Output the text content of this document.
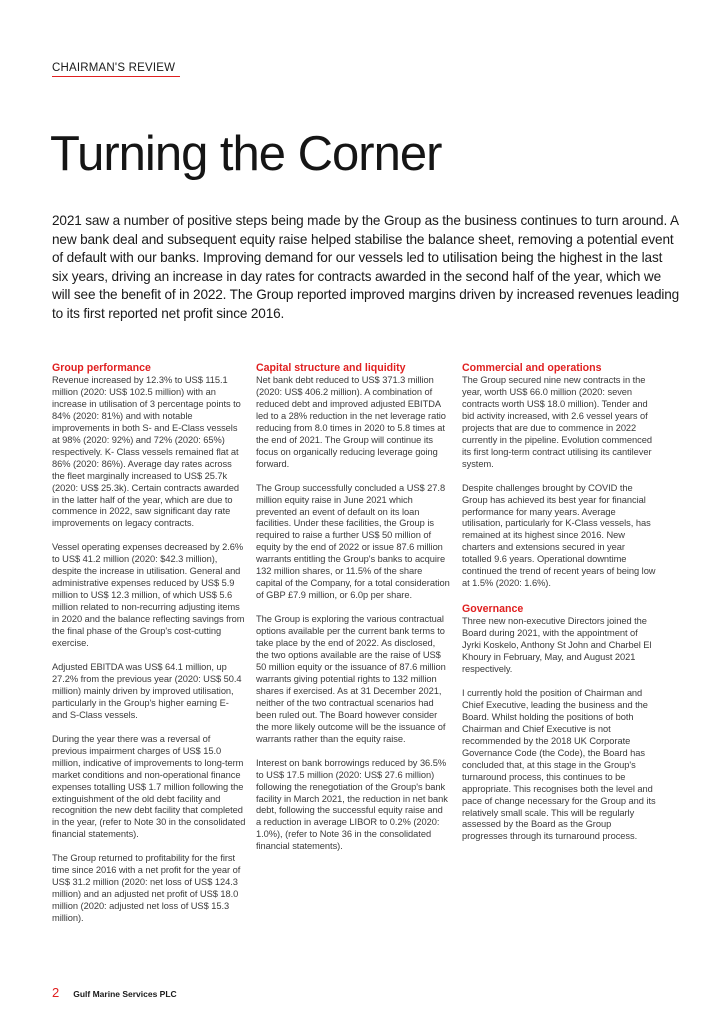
CHAIRMAN'S REVIEW
Turning the Corner

2021 saw a number of positive steps being made by the Group as the business continues to turn around. A new bank deal and subsequent equity raise helped stabilise the balance sheet, removing a potential event of default with our banks. Improving demand for our vessels led to utilisation being the highest in the last six years, driving an increase in day rates for contracts awarded in the second half of the year, which we will see the benefit of in 2022. The Group reported improved margins driven by increased revenues leading to its first reported net profit since 2016.

Group performance

Revenue increased by 12.3% to US$ 115.1 million (2020: US$ 102.5 million) with an increase in utilisation of 3 percentage points to 84% (2020: 81%) and with notable improvements in both S- and E-Class vessels at 98% (2020: 92%) and 72% (2020: 65%) respectively. K- Class vessels remained flat at 86% (2020: 86%). Average day rates across the fleet marginally increased to US$ 25.7k (2020: US$ 25.3k). Certain contracts awarded in the latter half of the year, which are due to commence in 2022, saw significant day rate improvements on legacy contracts.

Vessel operating expenses decreased by 2.6% to US$ 41.2 million (2020: $42.3 million), despite the increase in utilisation. General and administrative expenses reduced by US$ 5.9 million to US$ 12.3 million, of which US$ 5.6 million related to non-recurring adjusting items in 2020 and the balance reflecting savings from the final phase of the Group's cost-cutting exercise.

Adjusted EBITDA was US$ 64.1 million, up 27.2% from the previous year (2020: US$ 50.4 million) mainly driven by improved utilisation, particularly in the Group's higher earning E- and S-Class vessels.

During the year there was a reversal of previous impairment charges of US$ 15.0 million, indicative of improvements to long-term market conditions and non-operational finance expenses totalling US$ 1.7 million following the extinguishment of the old debt facility and recognition the new debt facility that completed in the year, (refer to Note 30 in the consolidated financial statements).

The Group returned to profitability for the first time since 2016 with a net profit for the year of US$ 31.2 million (2020: net loss of US$ 124.3 million) and an adjusted net profit of US$ 18.0 million (2020: adjusted net loss of US$ 15.3 million).

Capital structure and liquidity

Net bank debt reduced to US$ 371.3 million (2020: US$ 406.2 million). A combination of reduced debt and improved adjusted EBITDA led to a 28% reduction in the net leverage ratio reducing from 8.0 times in 2020 to 5.8 times at the end of 2021. The Group will continue its focus on organically reducing leverage going forward.

The Group successfully concluded a US$ 27.8 million equity raise in June 2021 which prevented an event of default on its loan facilities. Under these facilities, the Group is required to raise a further US$ 50 million of equity by the end of 2022 or issue 87.6 million warrants entitling the Group's banks to acquire 132 million shares, or 11.5% of the share capital of the Company, for a total consideration of GBP £7.9 million, or 6.0p per share.

The Group is exploring the various contractual options available per the current bank terms to take place by the end of 2022. As disclosed, the two options available are the raise of US$ 50 million equity or the issuance of 87.6 million warrants giving potential rights to 132 million shares if exercised. As at 31 December 2021, neither of the two contractual scenarios had been ruled out. The Board however consider the more likely outcome will be the issuance of warrants rather than the equity raise.

Interest on bank borrowings reduced by 36.5% to US$ 17.5 million (2020: US$ 27.6 million) following the renegotiation of the Group's bank facility in March 2021, the reduction in net bank debt, following the successful equity raise and a reduction in average LIBOR to 0.2% (2020: 1.0%), (refer to Note 36 in the consolidated financial statements).

Commercial and operations

The Group secured nine new contracts in the year, worth US$ 66.0 million (2020: seven contracts worth US$ 18.0 million). Tender and bid activity increased, with 2.6 vessel years of projects that are due to commence in 2022 currently in the pipeline. Evolution commenced its first long-term contract utilising its cantilever system.

Despite challenges brought by COVID the Group has achieved its best year for financial performance for many years. Average utilisation, particularly for K-Class vessels, has remained at its highest since 2016. New charters and extensions secured in year totalled 9.6 years. Operational downtime continued the trend of recent years of being low at 1.5% (2020: 1.6%).

Governance

Three new non-executive Directors joined the Board during 2021, with the appointment of Jyrki Koskelo, Anthony St John and Charbel El Khoury in February, May, and August 2021 respectively.

I currently hold the position of Chairman and Chief Executive, leading the business and the Board. Whilst holding the positions of both Chairman and Chief Executive is not recommended by the 2018 UK Corporate Governance Code (the Code), the Board has concluded that, at this stage in the Group's turnaround process, this continues to be appropriate. This recognises both the level and pace of change necessary for the Group and its relatively small scale. This will be regularly assessed by the Board as the Group progresses through its turnaround process.

2 Gulf Marine Services PLC
